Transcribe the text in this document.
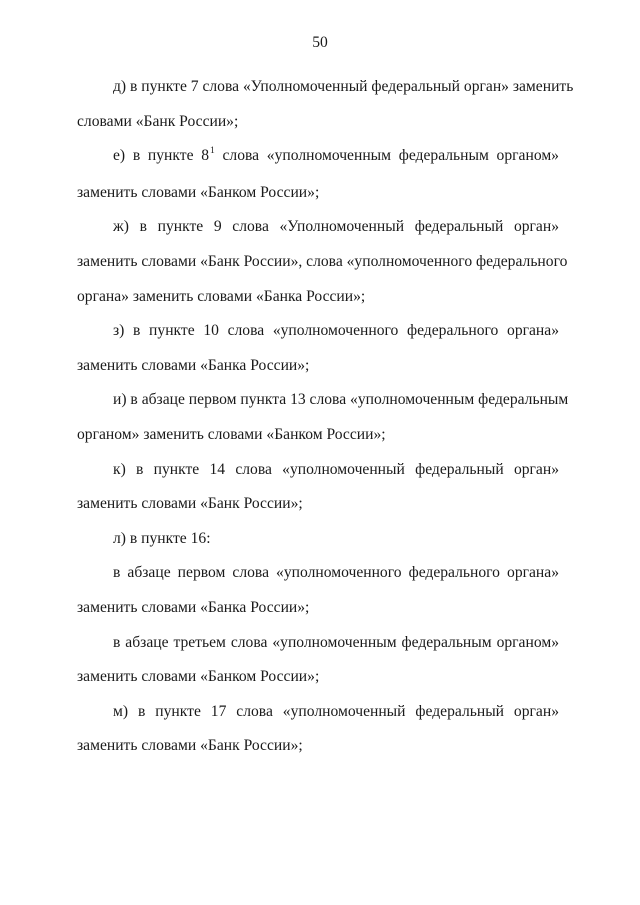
50
д) в пункте 7 слова «Уполномоченный федеральный орган» заменить
словами «Банк России»;
е) в пункте $8^1$ слова «уполномоченным федеральным органом»
заменить словами «Банком России»;
ж) в пункте 9 слова «Уполномоченный федеральный орган»
заменить словами «Банк России», слова «уполномоченного федерального
органа» заменить словами «Банка России»;
з) в пункте 10 слова «уполномоченного федерального органа»
заменить словами «Банка России»;
и) в абзаце первом пункта 13 слова «уполномоченным федеральным
органом» заменить словами «Банком России»;
к) в пункте 14 слова «уполномоченный федеральный орган»
заменить словами «Банк России»;
л) в пункте 16:
в абзаце первом слова «уполномоченного федерального органа»
заменить словами «Банка России»;
в абзаце третьем слова «уполномоченным федеральным органом»
заменить словами «Банком России»;
м) в пункте 17 слова «уполномоченный федеральный орган»
заменить словами «Банк России»;
